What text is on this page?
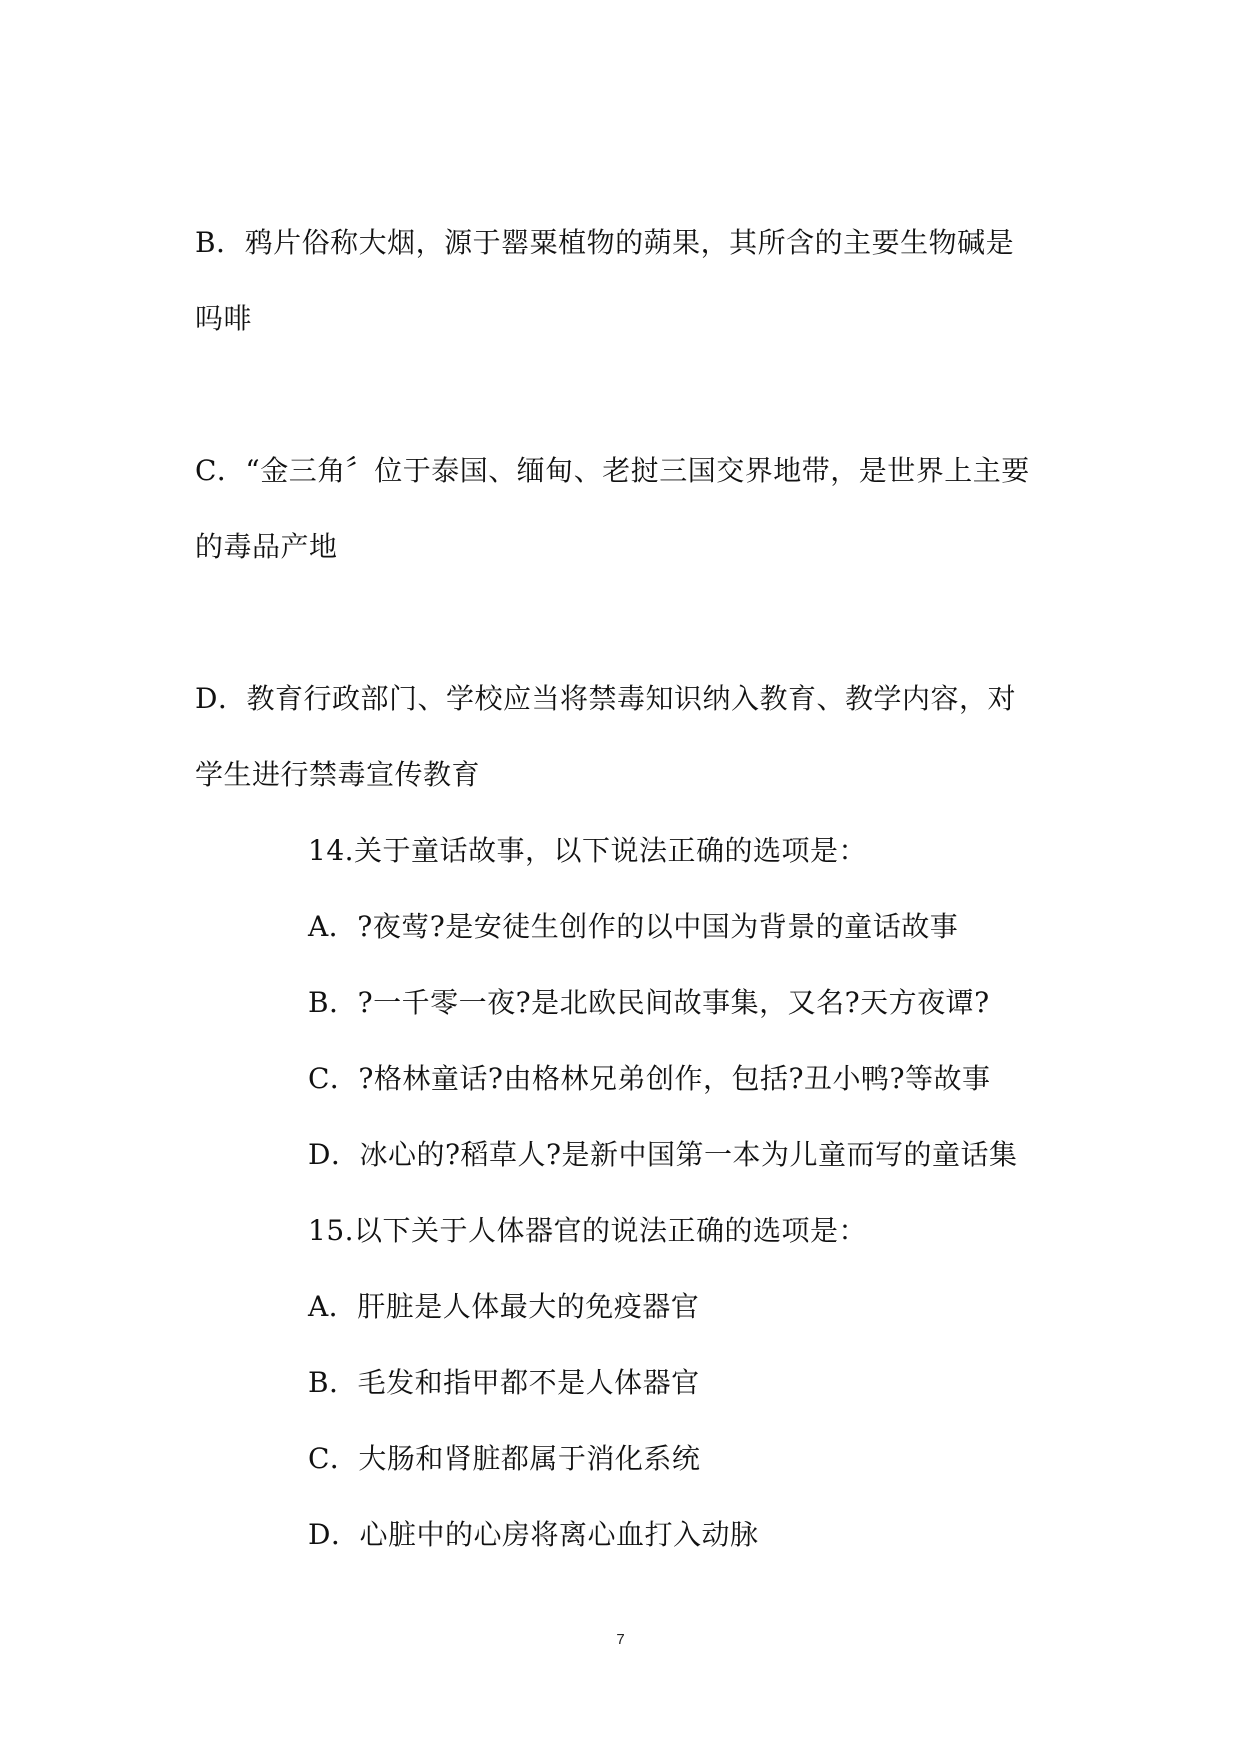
B．鸦片俗称大烟，源于罂粟植物的蒴果，其所含的主要生物碱是
吗啡
C．“金三角〞位于泰国、缅甸、老挝三国交界地带，是世界上主要
的毒品产地
D．教育行政部门、学校应当将禁毒知识纳入教育、教学内容，对
学生进行禁毒宣传教育
14.关于童话故事，以下说法正确的选项是：
A．?夜莺?是安徒生创作的以中国为背景的童话故事
B．?一千零一夜?是北欧民间故事集，又名?天方夜谭?
C．?格林童话?由格林兄弟创作，包括?丑小鸭?等故事
D．冰心的?稻草人?是新中国第一本为儿童而写的童话集
15.以下关于人体器官的说法正确的选项是：
A．肝脏是人体最大的免疫器官
B．毛发和指甲都不是人体器官
C．大肠和肾脏都属于消化系统
D．心脏中的心房将离心血打入动脉
7
